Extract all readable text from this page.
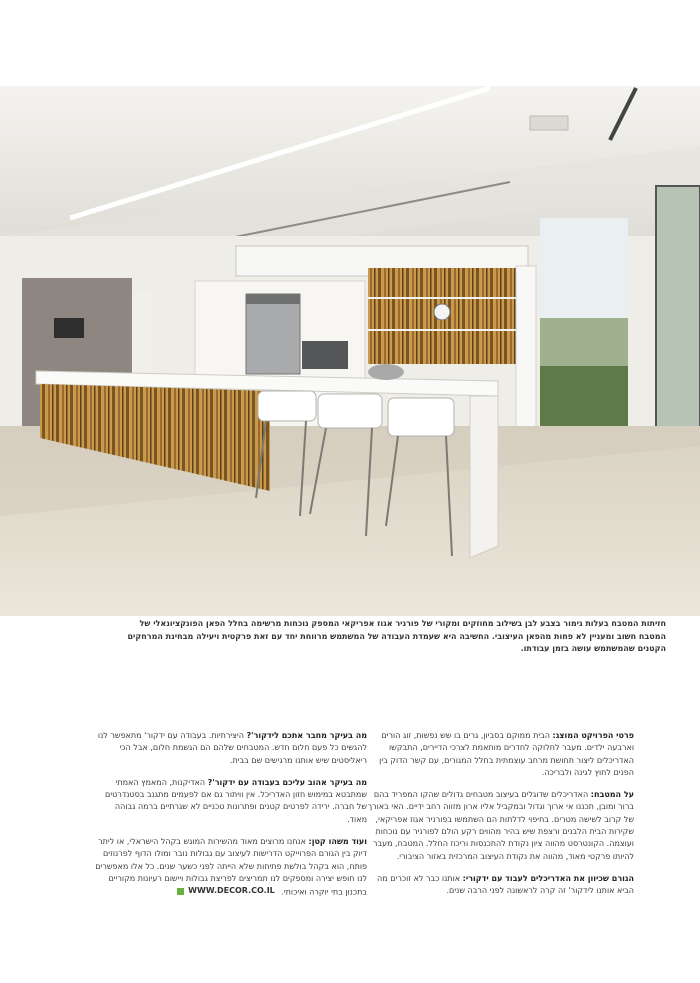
חזיתות המטבח בעלות גימור בצבע לבן בשילוב מחוזקים ומקורי של פורניר אגוז אפריקאי המספק נוכחות מרשימה בחלל הפאן הפונקציונאלי של המטבח חשוב ומעניין לא פחות מהפאן העיצובי. החשיבה היא שעמדת העבודה של המשתמש מרווחת יחד עם זאת פרקטית ויעילה מבחינת המרחקים הקטנים שהמשתמש עושה בזמן עבודתו.

פרטי הפרויקט המוצג: הבית ממוקם בסביון, גרים בו שש נפשות, זוג הורים וארבעה ילדים. מעבר לחלוקה לחדרים מותאמת לצרכי הדיירים, התבקשו האדריכלים ליצור תחושת מרחב עוצמתית בחלל המגורים, עם קשר הדוק בין הפנים לחוץ לגינה ולבריכה.

על המטבח: האדריכלים שדוגלים בעיצוב מטבחים גדולים שהקו המפריד בהם ברור ומובן, תכננו אי ארוך וגדול ובמקביל אליו ארון מזווה רחב ידיים. האי באורך של קרוב לשישה מטרים. בחיפוי לדלתות הם השתמשו בפורניר אגוז אפריקאי, שקירות הבית הלבנים ורצפת שיש בהיר מהווים רקע הולם לפורניר עם נוכחות ועוצמה. הקונטרסט מהווה ציון נקודת להתכנסות וריכוז החלל. המטבח, מעבר להיותו פרקטי מאוד, מהווה את נקודת העיצוב המרכזית באזור הציבורי.

הגורם שכיוון את האדריכלים לעבוד עם ידקורי: אותנו כבר לא זוכרים מה הביא אותנו לידקור' זה קרה לראשונה לפני הרבה שנים.

מה בעיקר מחבר אתכם לידקור'? היצירתיות. בעבודה עם ידקור' מתאפשר לנו להגשים כל פעם חלום חדש. המטבחים שלהם הם הגשמת חלום, אבל הכי ריאליסטים שיש אותנו מרגישים שם בבית.

מה בעיקר אהוב עליכם בעבודה עם ידקור'? האדיקנות, המאמץ האמתי שמתבטא במימוש חזון האדריכל. אין וויתור גם אם לפעמים מתגנב בסטנדרטים של חברה. ירידה לפרטים קטנים ופתרונות טכניים לא שגרתיים ברמה גבוהה מאוד.

ועוד משהו קטן: אנחנו מרוצים מאוד מהשירות המוגש בקהל הישראלי, או ליתר דיוק בין הגורם הפרוייקט הדרישות לעיצוב עם גבולות נובר ומולו הדוף לפרנוזים פותח, הוא בקהל בולשת פתיחות שלא הייתה לפני כשער שנים. כל אלו מאפשרים לנו חופש יצירה ומספקים לנו תמריצים לפריצת גבולות ויישום רעיונות מקוריים בתכנון בתי יוקרה ואיכותי.
WWW.DECOR.CO.IL
